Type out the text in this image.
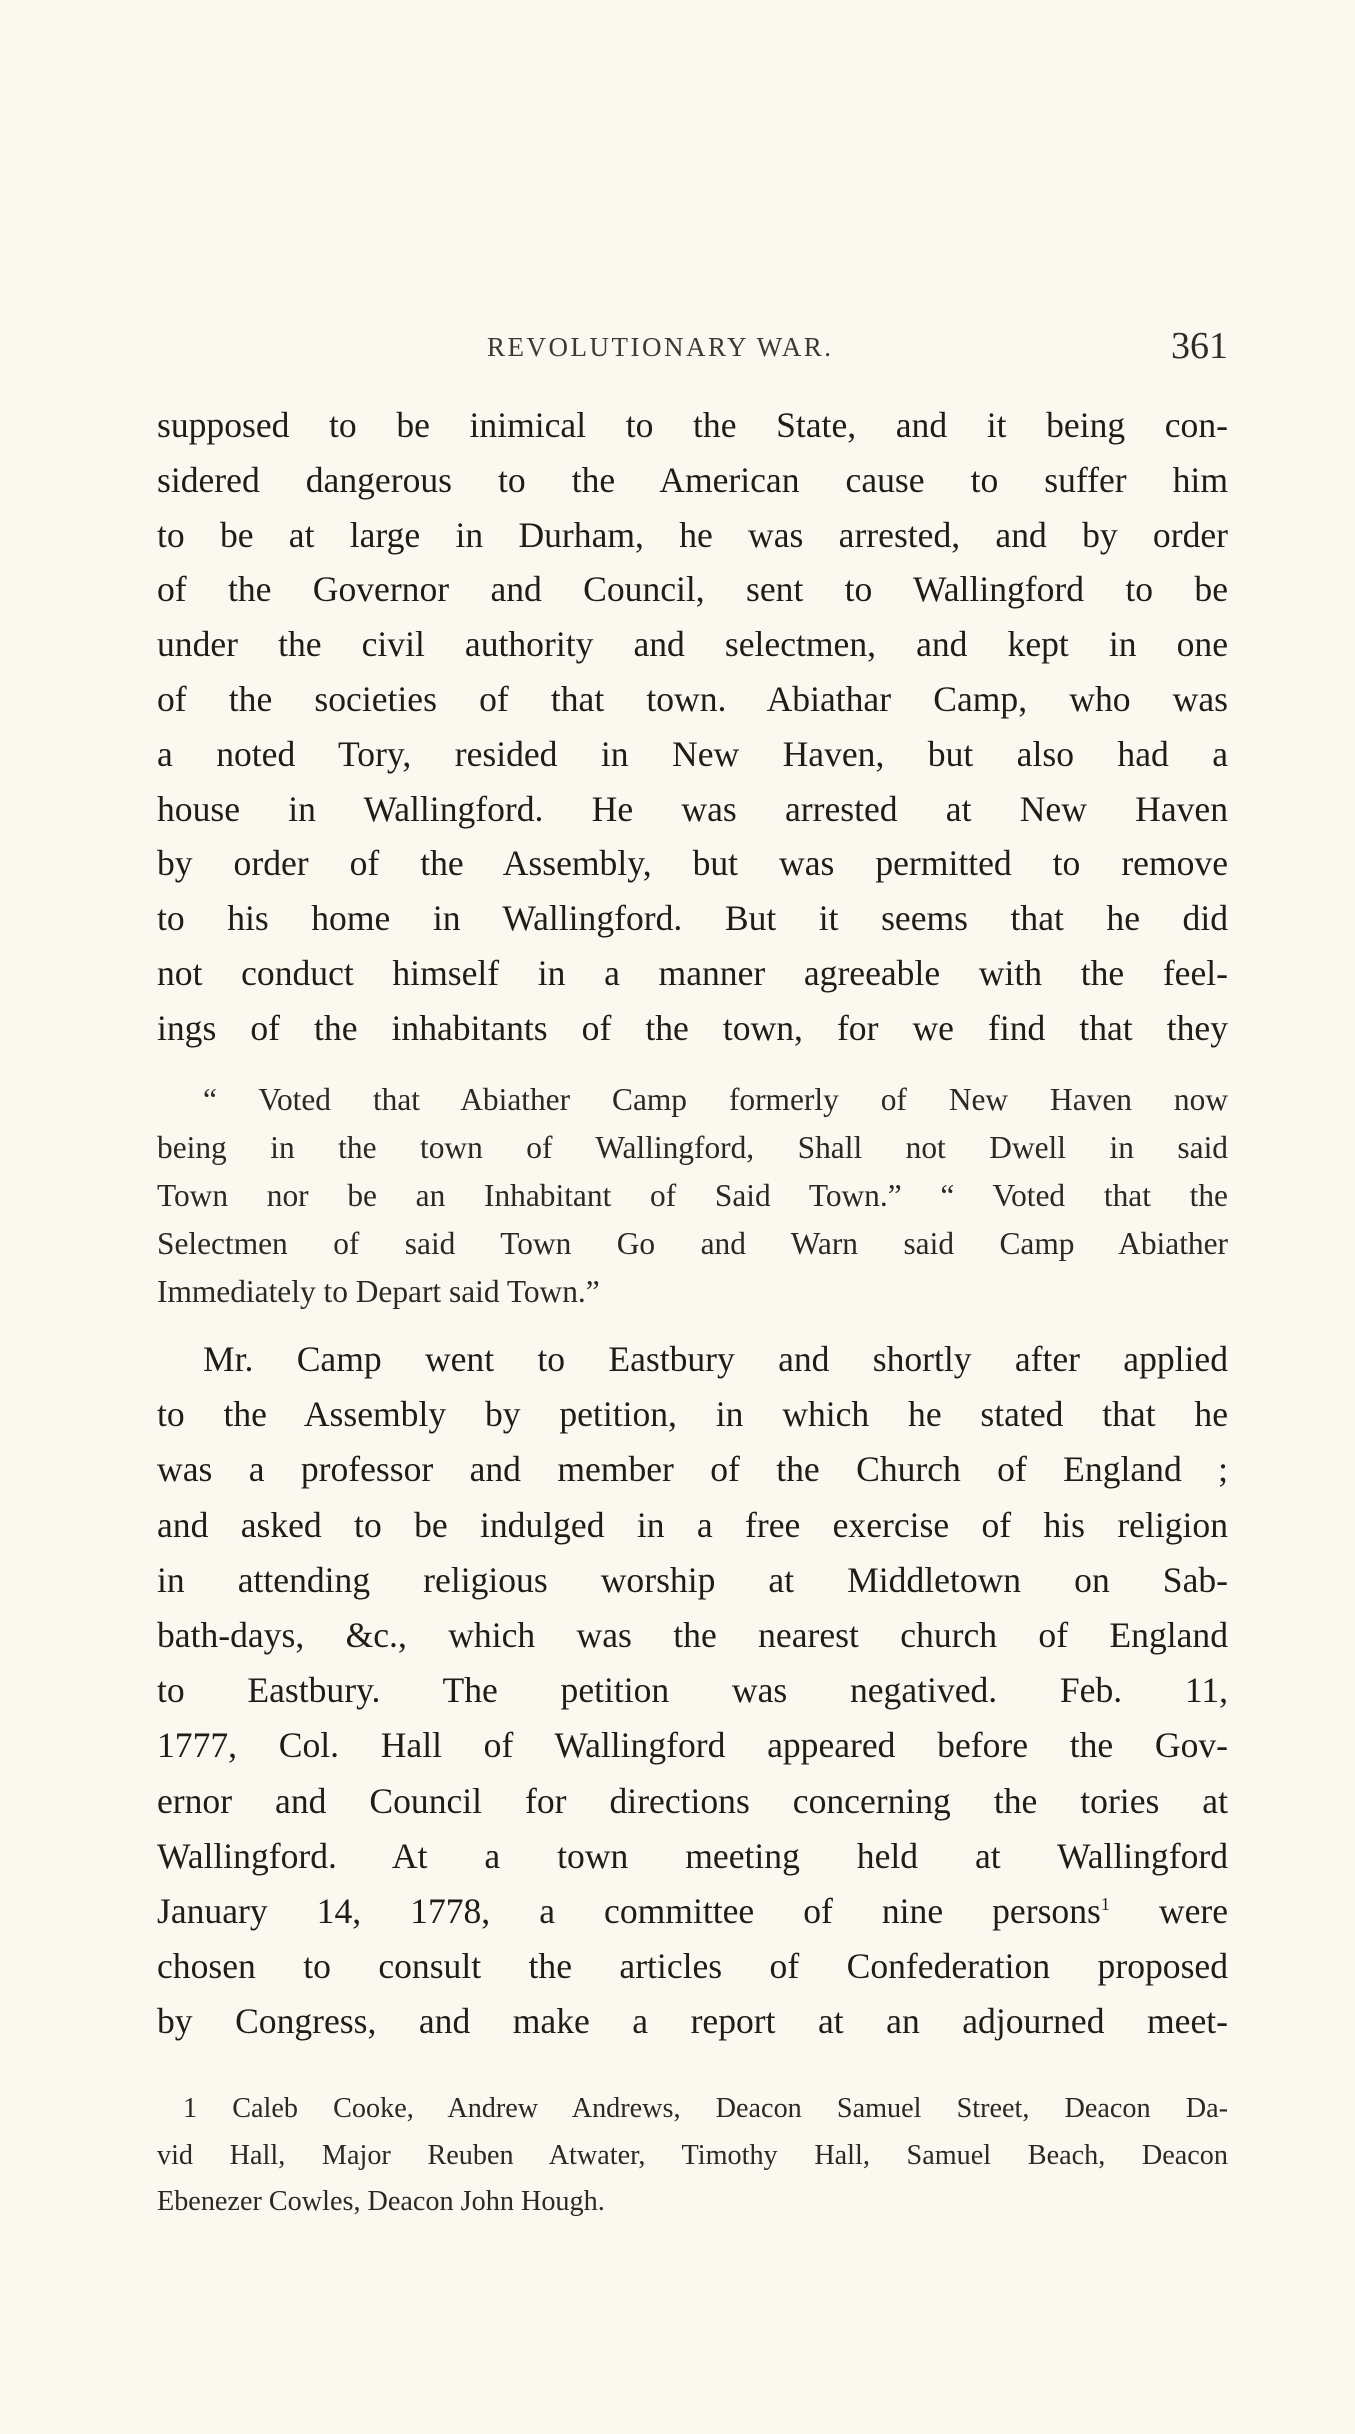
REVOLUTIONARY WAR.	361
supposed to be inimical to the State, and it being con-
sidered dangerous to the American cause to suffer him
to be at large in Durham, he was arrested, and by order
of the Governor and Council, sent to Wallingford to be
under the civil authority and selectmen, and kept in one
of the societies of that town. Abiathar Camp, who was
a noted Tory, resided in New Haven, but also had a
house in Wallingford. He was arrested at New Haven
by order of the Assembly, but was permitted to remove
to his home in Wallingford. But it seems that he did
not conduct himself in a manner agreeable with the feel-
ings of the inhabitants of the town, for we find that they
“ Voted that Abiather Camp formerly of New Haven now
being in the town of Wallingford, Shall not Dwell in said
Town nor be an Inhabitant of Said Town.” “ Voted that the
Selectmen of said Town Go and Warn said Camp Abiather
Immediately to Depart said Town.”
Mr. Camp went to Eastbury and shortly after applied
to the Assembly by petition, in which he stated that he
was a professor and member of the Church of England ;
and asked to be indulged in a free exercise of his religion
in attending religious worship at Middletown on Sab-
bath-days, &c., which was the nearest church of England
to Eastbury. The petition was negatived. Feb. 11,
1777, Col. Hall of Wallingford appeared before the Gov-
ernor and Council for directions concerning the tories at
Wallingford. At a town meeting held at Wallingford
January 14, 1778, a committee of nine persons$^1$ were
chosen to consult the articles of Confederation proposed
by Congress, and make a report at an adjourned meet-
1 Caleb Cooke, Andrew Andrews, Deacon Samuel Street, Deacon Da-
vid Hall, Major Reuben Atwater, Timothy Hall, Samuel Beach, Deacon
Ebenezer Cowles, Deacon John Hough.
